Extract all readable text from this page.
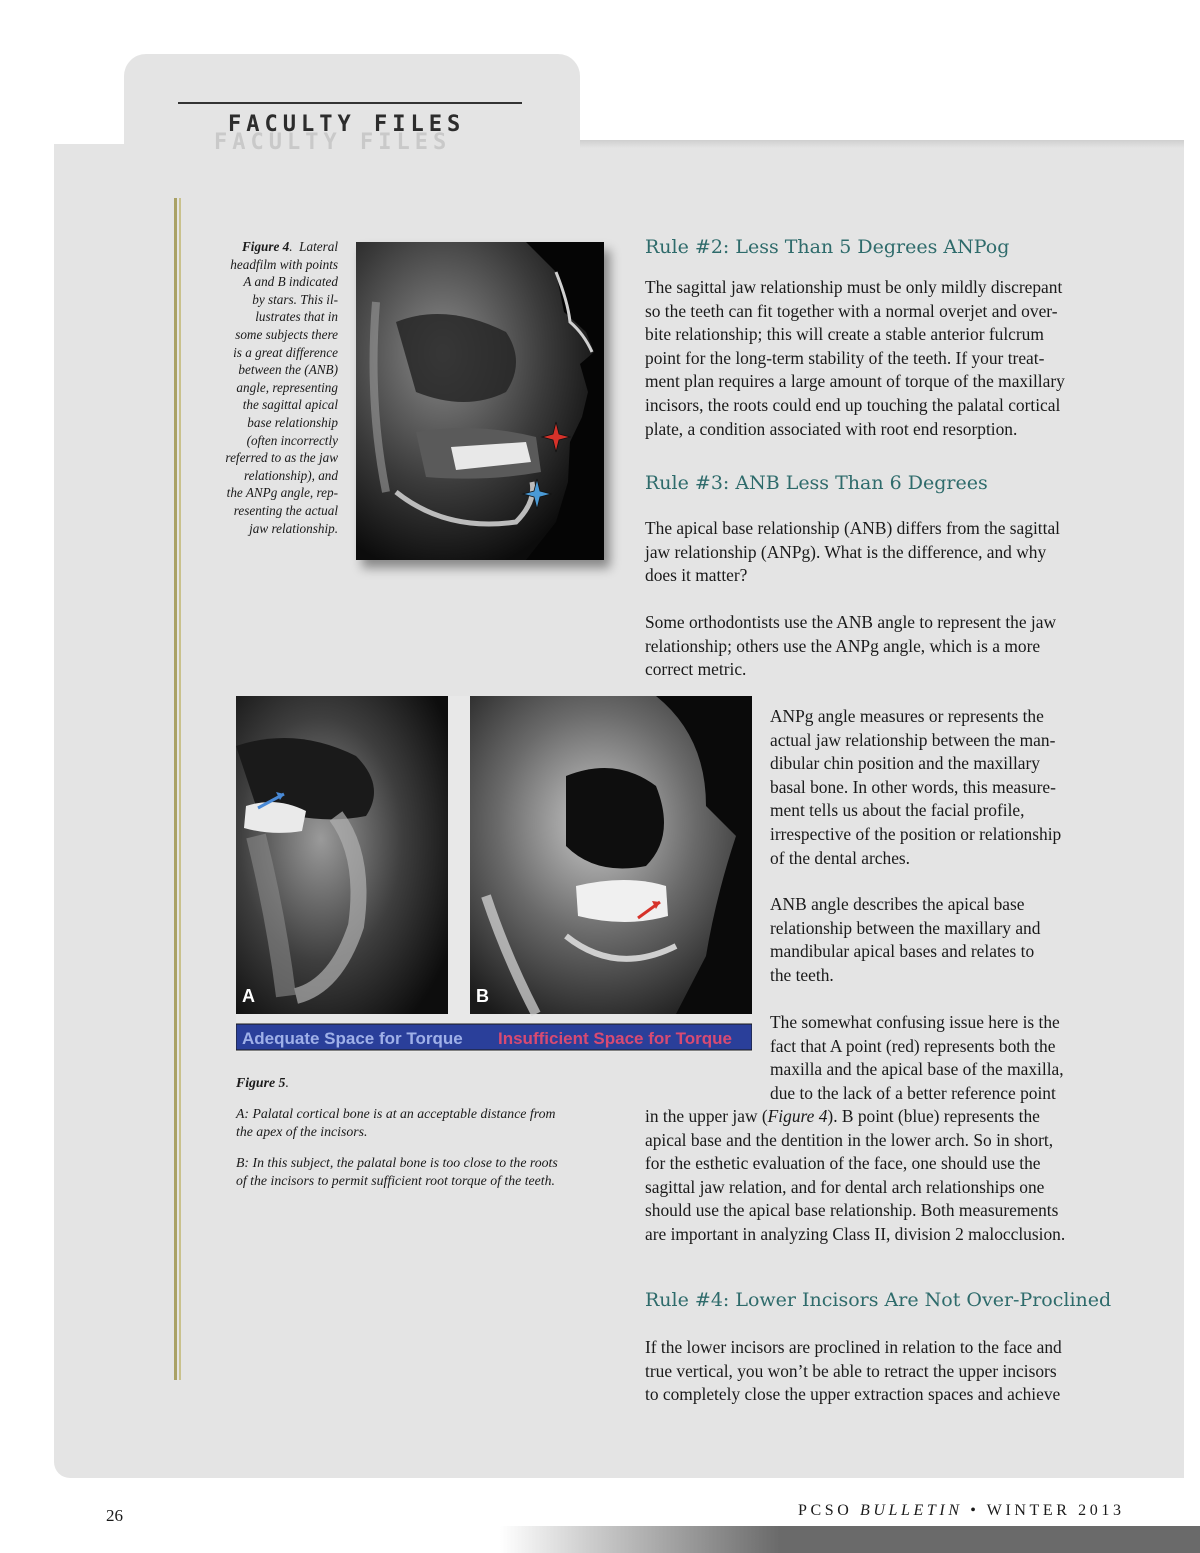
FACULTY FILES
FACULTY FILES
Figure 4.  Lateral
headfilm with points
A and B indicated
by stars. This il-
lustrates that in
some subjects there
is a great difference
between the (ANB)
angle, representing
the sagittal apical
base relationship
(often incorrectly
referred to as the jaw
relationship), and
the ANPg angle, rep-
resenting the actual
jaw relationship.
Rule #2: Less Than 5 Degrees ANPog
The sagittal jaw relationship must be only mildly discrepant
so the teeth can fit together with a normal overjet and over-
bite relationship; this will create a stable anterior fulcrum
point for the long-term stability of the teeth. If your treat-
ment plan requires a large amount of torque of the maxillary
incisors, the roots could end up touching the palatal cortical
plate, a condition associated with root end resorption.
Rule #3: ANB Less Than 6 Degrees
The apical base relationship (ANB) differs from the sagittal
jaw relationship (ANPg). What is the difference, and why
does it matter?
Some orthodontists use the ANB angle to represent the jaw
relationship; others use the ANPg angle, which is a more
correct metric.
A	B
Adequate Space for Torque Insufficient Space for Torque

Figure 5.

A: Palatal cortical bone is at an acceptable distance from
the apex of the incisors.

B: In this subject, the palatal bone is too close to the roots
of the incisors to permit sufficient root torque of the teeth.

ANPg angle measures or represents the
actual jaw relationship between the man-
dibular chin position and the maxillary
basal bone. In other words, this measure-
ment tells us about the facial profile,
irrespective of the position or relationship
of the dental arches.
ANB angle describes the apical base
relationship between the maxillary and
mandibular apical bases and relates to
the teeth.
The somewhat confusing issue here is the
fact that A point (red) represents both the
maxilla and the apical base of the maxilla,
due to the lack of a better reference point
in the upper jaw (Figure 4). B point (blue) represents the
apical base and the dentition in the lower arch. So in short,
for the esthetic evaluation of the face, one should use the
sagittal jaw relation, and for dental arch relationships one
should use the apical base relationship. Both measurements
are important in analyzing Class II, division 2 malocclusion.
Rule #4: Lower Incisors Are Not Over-Proclined
If the lower incisors are proclined in relation to the face and
true vertical, you won’t be able to retract the upper incisors
to completely close the upper extraction spaces and achieve
26	PCSO BULLETIN • WINTER 2013
